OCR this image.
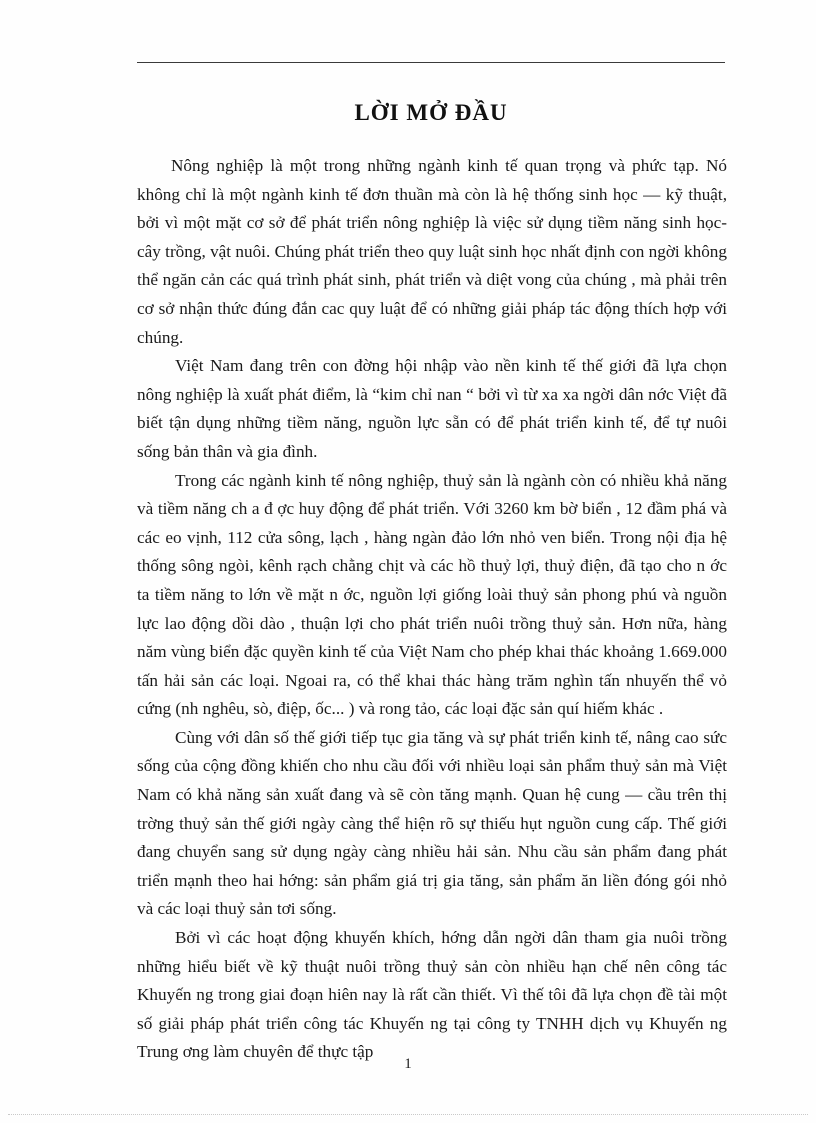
LỜI MỞ ĐẦU

Nông nghiệp là một trong những ngành kinh tế quan trọng và phức tạp. Nó không chỉ là một ngành kinh tế đơn thuần mà còn là hệ thống sinh học — kỹ thuật, bởi vì một mặt cơ sở để phát triển nông nghiệp là việc sử dụng tiềm năng sinh học- cây trồng, vật nuôi. Chúng phát triển theo quy luật sinh học nhất định con ngời không thể ngăn cản các quá trình phát sinh, phát triển và diệt vong của chúng , mà phải trên cơ sở nhận thức đúng đắn cac quy luật để có những giải pháp tác động thích hợp với chúng.

Việt Nam đang trên con đờng hội nhập vào nền kinh tế thế giới đã lựa chọn nông nghiệp là xuất phát điểm, là “kim chỉ nan “ bởi vì từ xa xa ngời dân nớc Việt đã biết tận dụng những tiềm năng, nguồn lực sẵn có để phát triển kinh tế, để tự nuôi sống bản thân và gia đình.

Trong các ngành kinh tế nông nghiệp, thuỷ sản là ngành còn có nhiều khả năng và tiềm năng ch a đ ợc huy động để phát triển. Với 3260 km bờ biển , 12 đầm phá và các eo vịnh, 112 cửa sông, lạch , hàng ngàn đảo lớn nhỏ ven biển. Trong nội địa hệ thống sông ngòi, kênh rạch chằng chịt và các hồ thuỷ lợi, thuỷ điện, đã tạo cho n ớc ta tiềm năng to lớn về mặt n ớc, nguồn lợi giống loài thuỷ sản phong phú và nguồn lực lao động dồi dào , thuận lợi cho phát triển nuôi trồng thuỷ sản. Hơn nữa, hàng năm vùng biển đặc quyền kinh tế của Việt Nam cho phép khai thác khoảng 1.669.000 tấn hải sản các loại. Ngoai ra, có thể khai thác hàng trăm nghìn tấn nhuyến thể vỏ cứng (nh nghêu, sò, điệp, ốc... ) và rong tảo, các loại đặc sản quí hiếm khác .

Cùng với dân số thế giới tiếp tục gia tăng và sự phát triển kinh tế, nâng cao sức sống của cộng đồng khiến cho nhu cầu đối với nhiều loại sản phẩm thuỷ sản mà Việt Nam có khả năng sản xuất đang và sẽ còn tăng mạnh. Quan hệ cung — cầu trên thị trờng thuỷ sản thế giới ngày càng thể hiện rõ sự thiếu hụt nguồn cung cấp. Thế giới đang chuyển sang sử dụng ngày càng nhiều hải sản. Nhu cầu sản phẩm đang phát triển mạnh theo hai hớng: sản phẩm giá trị gia tăng, sản phẩm ăn liền đóng gói nhỏ và các loại thuỷ sản tơi sống.

Bởi vì các hoạt động khuyến khích, hớng dẫn ngời dân tham gia nuôi trồng những hiểu biết về kỹ thuật nuôi trồng thuỷ sản còn nhiều hạn chế nên công tác Khuyến ng trong giai đoạn hiên nay là rất cần thiết. Vì thế tôi đã lựa chọn đề tài một số giải pháp phát triển công tác Khuyến ng tại công ty TNHH dịch vụ Khuyến ng Trung ơng làm chuyên để thực tập

1
